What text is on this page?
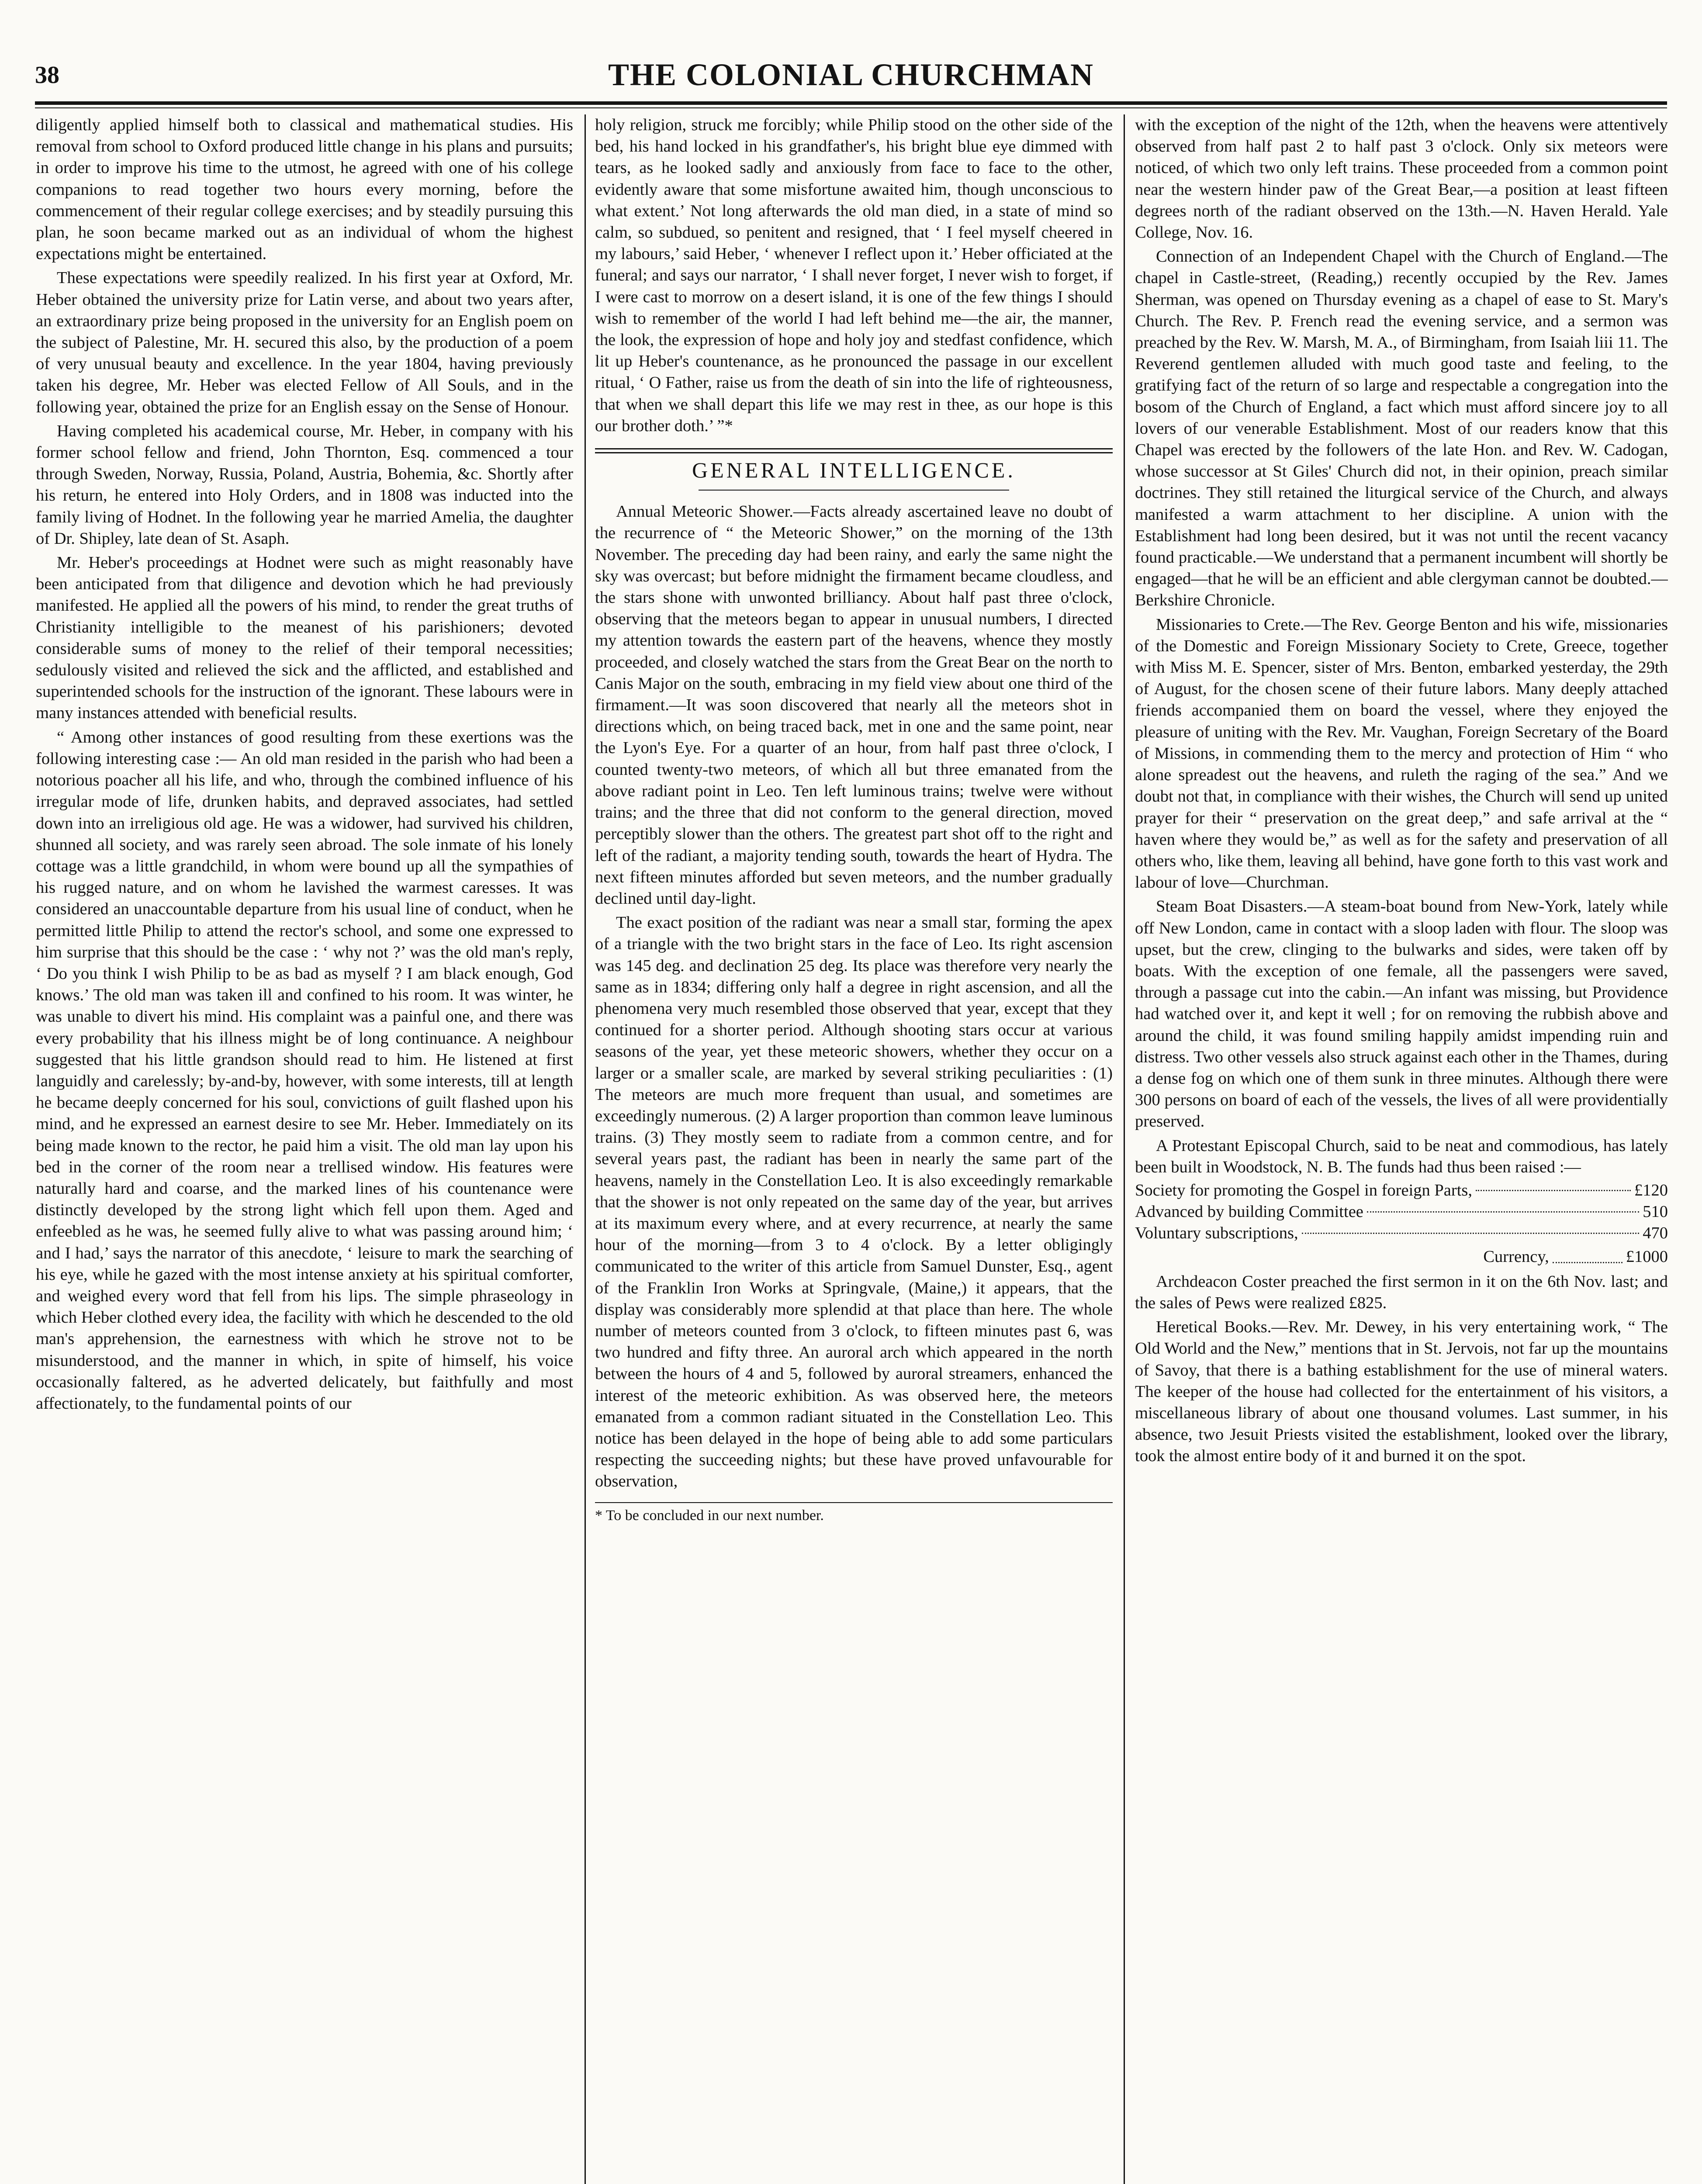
38	THE COLONIAL CHURCHMAN

diligently applied himself both to classical and mathematical studies. His removal from school to Oxford produced little change in his plans and pursuits; in order to improve his time to the utmost, he agreed with one of his college companions to read together two hours every morning, before the commencement of their regular college exercises; and by steadily pursuing this plan, he soon became marked out as an individual of whom the highest expectations might be entertained.

These expectations were speedily realized. In his first year at Oxford, Mr. Heber obtained the university prize for Latin verse, and about two years after, an extraordinary prize being proposed in the university for an English poem on the subject of Palestine, Mr. H. secured this also, by the production of a poem of very unusual beauty and excellence. In the year 1804, having previously taken his degree, Mr. Heber was elected Fellow of All Souls, and in the following year, obtained the prize for an English essay on the Sense of Honour.

Having completed his academical course, Mr. Heber, in company with his former school fellow and friend, John Thornton, Esq. commenced a tour through Sweden, Norway, Russia, Poland, Austria, Bohemia, &c. Shortly after his return, he entered into Holy Orders, and in 1808 was inducted into the family living of Hodnet. In the following year he married Amelia, the daughter of Dr. Shipley, late dean of St. Asaph.

Mr. Heber's proceedings at Hodnet were such as might reasonably have been anticipated from that diligence and devotion which he had previously manifested. He applied all the powers of his mind, to render the great truths of Christianity intelligible to the meanest of his parishioners; devoted considerable sums of money to the relief of their temporal necessities; sedulously visited and relieved the sick and the afflicted, and established and superintended schools for the instruction of the ignorant. These labours were in many instances attended with beneficial results.

“ Among other instances of good resulting from these exertions was the following interesting case :— An old man resided in the parish who had been a notorious poacher all his life, and who, through the combined influence of his irregular mode of life, drunken habits, and depraved associates, had settled down into an irreligious old age. He was a widower, had survived his children, shunned all society, and was rarely seen abroad. The sole inmate of his lonely cottage was a little grandchild, in whom were bound up all the sympathies of his rugged nature, and on whom he lavished the warmest caresses. It was considered an unaccountable departure from his usual line of conduct, when he permitted little Philip to attend the rector's school, and some one expressed to him surprise that this should be the case : ‘ why not ?’ was the old man's reply, ‘ Do you think I wish Philip to be as bad as myself ? I am black enough, God knows.’ The old man was taken ill and confined to his room. It was winter, he was unable to divert his mind. His complaint was a painful one, and there was every probability that his illness might be of long continuance. A neighbour suggested that his little grandson should read to him. He listened at first languidly and carelessly; by-and-by, however, with some interests, till at length he became deeply concerned for his soul, convictions of guilt flashed upon his mind, and he expressed an earnest desire to see Mr. Heber. Immediately on its being made known to the rector, he paid him a visit. The old man lay upon his bed in the corner of the room near a trellised window. His features were naturally hard and coarse, and the marked lines of his countenance were distinctly developed by the strong light which fell upon them. Aged and enfeebled as he was, he seemed fully alive to what was passing around him; ‘ and I had,’ says the narrator of this anecdote, ‘ leisure to mark the searching of his eye, while he gazed with the most intense anxiety at his spiritual comforter, and weighed every word that fell from his lips. The simple phraseology in which Heber clothed every idea, the facility with which he descended to the old man's apprehension, the earnestness with which he strove not to be misunderstood, and the manner in which, in spite of himself, his voice occasionally faltered, as he adverted delicately, but faithfully and most affectionately, to the fundamental points of our

holy religion, struck me forcibly; while Philip stood on the other side of the bed, his hand locked in his grandfather's, his bright blue eye dimmed with tears, as he looked sadly and anxiously from face to face to the other, evidently aware that some misfortune awaited him, though unconscious to what extent.’ Not long afterwards the old man died, in a state of mind so calm, so subdued, so penitent and resigned, that ‘ I feel myself cheered in my labours,’ said Heber, ‘ whenever I reflect upon it.’ Heber officiated at the funeral; and says our narrator, ‘ I shall never forget, I never wish to forget, if I were cast to morrow on a desert island, it is one of the few things I should wish to remember of the world I had left behind me—the air, the manner, the look, the expression of hope and holy joy and stedfast confidence, which lit up Heber's countenance, as he pronounced the passage in our excellent ritual, ‘ O Father, raise us from the death of sin into the life of righteousness, that when we shall depart this life we may rest in thee, as our hope is this our brother doth.’ ”*

GENERAL INTELLIGENCE.

Annual Meteoric Shower.—Facts already ascertained leave no doubt of the recurrence of “ the Meteoric Shower,” on the morning of the 13th November. The preceding day had been rainy, and early the same night the sky was overcast; but before midnight the firmament became cloudless, and the stars shone with unwonted brilliancy. About half past three o'clock, observing that the meteors began to appear in unusual numbers, I directed my attention towards the eastern part of the heavens, whence they mostly proceeded, and closely watched the stars from the Great Bear on the north to Canis Major on the south, embracing in my field view about one third of the firmament.—It was soon discovered that nearly all the meteors shot in directions which, on being traced back, met in one and the same point, near the Lyon's Eye. For a quarter of an hour, from half past three o'clock, I counted twenty-two meteors, of which all but three emanated from the above radiant point in Leo. Ten left luminous trains; twelve were without trains; and the three that did not conform to the general direction, moved perceptibly slower than the others. The greatest part shot off to the right and left of the radiant, a majority tending south, towards the heart of Hydra. The next fifteen minutes afforded but seven meteors, and the number gradually declined until day-light.

The exact position of the radiant was near a small star, forming the apex of a triangle with the two bright stars in the face of Leo. Its right ascension was 145 deg. and declination 25 deg. Its place was therefore very nearly the same as in 1834; differing only half a degree in right ascension, and all the phenomena very much resembled those observed that year, except that they continued for a shorter period. Although shooting stars occur at various seasons of the year, yet these meteoric showers, whether they occur on a larger or a smaller scale, are marked by several striking peculiarities : (1) The meteors are much more frequent than usual, and sometimes are exceedingly numerous. (2) A larger proportion than common leave luminous trains. (3) They mostly seem to radiate from a common centre, and for several years past, the radiant has been in nearly the same part of the heavens, namely in the Constellation Leo. It is also exceedingly remarkable that the shower is not only repeated on the same day of the year, but arrives at its maximum every where, and at every recurrence, at nearly the same hour of the morning—from 3 to 4 o'clock. By a letter obligingly communicated to the writer of this article from Samuel Dunster, Esq., agent of the Franklin Iron Works at Springvale, (Maine,) it appears, that the display was considerably more splendid at that place than here. The whole number of meteors counted from 3 o'clock, to fifteen minutes past 6, was two hundred and fifty three. An auroral arch which appeared in the north between the hours of 4 and 5, followed by auroral streamers, enhanced the interest of the meteoric exhibition. As was observed here, the meteors emanated from a common radiant situated in the Constellation Leo. This notice has been delayed in the hope of being able to add some particulars respecting the succeeding nights; but these have proved unfavourable for observation,

* To be concluded in our next number.

with the exception of the night of the 12th, when the heavens were attentively observed from half past 2 to half past 3 o'clock. Only six meteors were noticed, of which two only left trains. These proceeded from a common point near the western hinder paw of the Great Bear,—a position at least fifteen degrees north of the radiant observed on the 13th.—N. Haven Herald. Yale College, Nov. 16.

Connection of an Independent Chapel with the Church of England.—The chapel in Castle-street, (Reading,) recently occupied by the Rev. James Sherman, was opened on Thursday evening as a chapel of ease to St. Mary's Church. The Rev. P. French read the evening service, and a sermon was preached by the Rev. W. Marsh, M. A., of Birmingham, from Isaiah liii 11. The Reverend gentlemen alluded with much good taste and feeling, to the gratifying fact of the return of so large and respectable a congregation into the bosom of the Church of England, a fact which must afford sincere joy to all lovers of our venerable Establishment. Most of our readers know that this Chapel was erected by the followers of the late Hon. and Rev. W. Cadogan, whose successor at St Giles' Church did not, in their opinion, preach similar doctrines. They still retained the liturgical service of the Church, and always manifested a warm attachment to her discipline. A union with the Establishment had long been desired, but it was not until the recent vacancy found practicable.—We understand that a permanent incumbent will shortly be engaged—that he will be an efficient and able clergyman cannot be doubted.—Berkshire Chronicle.

Missionaries to Crete.—The Rev. George Benton and his wife, missionaries of the Domestic and Foreign Missionary Society to Crete, Greece, together with Miss M. E. Spencer, sister of Mrs. Benton, embarked yesterday, the 29th of August, for the chosen scene of their future labors. Many deeply attached friends accompanied them on board the vessel, where they enjoyed the pleasure of uniting with the Rev. Mr. Vaughan, Foreign Secretary of the Board of Missions, in commending them to the mercy and protection of Him “ who alone spreadest out the heavens, and ruleth the raging of the sea.” And we doubt not that, in compliance with their wishes, the Church will send up united prayer for their “ preservation on the great deep,” and safe arrival at the “ haven where they would be,” as well as for the safety and preservation of all others who, like them, leaving all behind, have gone forth to this vast work and labour of love—Churchman.

Steam Boat Disasters.—A steam-boat bound from New-York, lately while off New London, came in contact with a sloop laden with flour. The sloop was upset, but the crew, clinging to the bulwarks and sides, were taken off by boats. With the exception of one female, all the passengers were saved, through a passage cut into the cabin.—An infant was missing, but Providence had watched over it, and kept it well ; for on removing the rubbish above and around the child, it was found smiling happily amidst impending ruin and distress. Two other vessels also struck against each other in the Thames, during a dense fog on which one of them sunk in three minutes. Although there were 300 persons on board of each of the vessels, the lives of all were providentially preserved.

A Protestant Episcopal Church, said to be neat and commodious, has lately been built in Woodstock, N. B. The funds had thus been raised :—

Society for promoting the Gospel in foreign Parts,	£120
Advanced by building Committee	510
Voluntary subscriptions,	470
Currency,	£1000

Archdeacon Coster preached the first sermon in it on the 6th Nov. last; and the sales of Pews were realized £825.

Heretical Books.—Rev. Mr. Dewey, in his very entertaining work, “ The Old World and the New,” mentions that in St. Jervois, not far up the mountains of Savoy, that there is a bathing establishment for the use of mineral waters. The keeper of the house had collected for the entertainment of his visitors, a miscellaneous library of about one thousand volumes. Last summer, in his absence, two Jesuit Priests visited the establishment, looked over the library, took the almost entire body of it and burned it on the spot.
